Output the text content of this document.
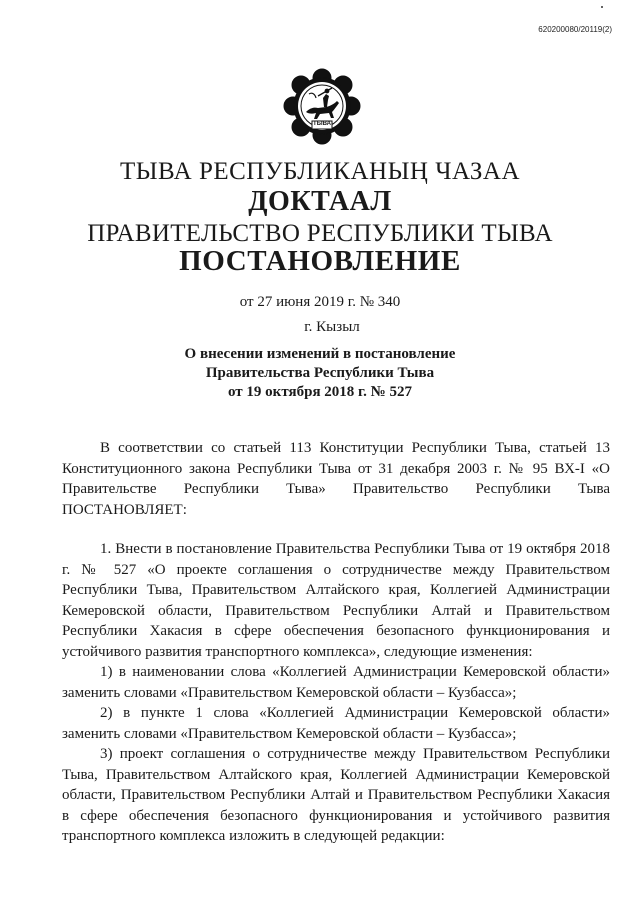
620200080/20119(2)
ТЫВА
ТЫВА РЕСПУБЛИКАНЫҢ ЧАЗАА
ДОКТААЛ
ПРАВИТЕЛЬСТВО РЕСПУБЛИКИ ТЫВА
ПОСТАНОВЛЕНИЕ
от 27 июня 2019 г. № 340
г. Кызыл
О внесении изменений в постановление
Правительства Республики Тыва
от 19 октября 2018 г. № 527

В соответствии со статьей 113 Конституции Республики Тыва, статьей 13 Конституционного закона Республики Тыва от 31 декабря 2003 г. № 95 ВХ-I «О Правительстве Республики Тыва» Правительство Республики Тыва ПОСТАНОВЛЯЕТ:

1. Внести в постановление Правительства Республики Тыва от 19 октября 2018 г. № 527 «О проекте соглашения о сотрудничестве между Правительством Республики Тыва, Правительством Алтайского края, Коллегией Администрации Кемеровской области, Правительством Республики Алтай и Правительством Республики Хакасия в сфере обеспечения безопасного функционирования и устойчивого развития транспортного комплекса», следующие изменения:

1) в наименовании слова «Коллегией Администрации Кемеровской области» заменить словами «Правительством Кемеровской области – Кузбасса»;

2) в пункте 1 слова «Коллегией Администрации Кемеровской области» заменить словами «Правительством Кемеровской области – Кузбасса»;

3) проект соглашения о сотрудничестве между Правительством Республики Тыва, Правительством Алтайского края, Коллегией Администрации Кемеровской области, Правительством Республики Алтай и Правительством Республики Хакасия в сфере обеспечения безопасного функционирования и устойчивого развития транспортного комплекса изложить в следующей редакции:
